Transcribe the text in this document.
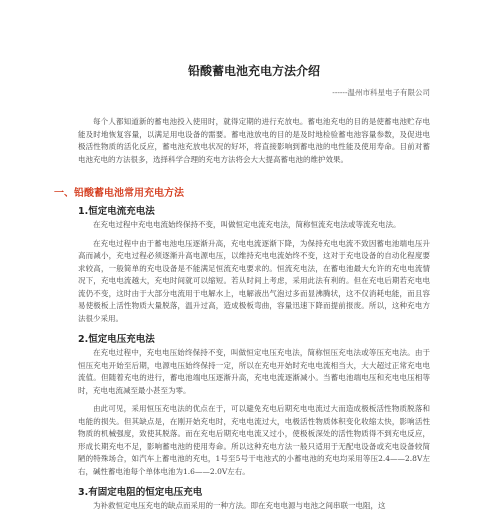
铅酸蓄电池充电方法介绍
------温州市科星电子有限公司

每个人都知道新的蓄电池投入使用时，就得定期的进行充放电。蓄电池充电的目的是使蓄电池贮存电能及时地恢复容量，以满足用电设备的需要。蓄电池放电的目的是及时地检验蓄电池容量参数，及促进电极活性物质的活化反应，蓄电池充放电状况的好坏，将直接影响到蓄电池的电性能及使用寿命。目前对蓄电池充电的方法很多，选择科学合理的充电方法将会大大提高蓄电池的维护效果。

一、铅酸蓄电池常用充电方法
1.恒定电流充电法

在充电过程中充电电流始终保持不变，叫做恒定电流充电法，简称恒流充电法或等流充电法。

在充电过程中由于蓄电池电压逐渐升高，充电电流逐渐下降，为保持充电电流不致因蓄电池端电压升高而减小，充电过程必须逐渐升高电源电压，以维持充电电流始终不变，这对于充电设备的自动化程度要求较高，一般简单的充电设备是不能满足恒流充电要求的。恒流充电法，在蓄电池最大允许的充电电流情况下，充电电流越大，充电时间就可以缩短。若从时间上考虑，采用此法有利的。但在充电后期若充电电流仍不变，这时由于大部分电流用于电解水上，电解液出气泡过多而显沸腾状，这不仅消耗电能，而且容易使极板上活性物质大量脱落，温升过高，造成极板弯曲，容量迅速下降而提前报废。所以，这种充电方法很少采用。

2.恒定电压充电法

在充电过程中，充电电压始终保持不变，叫做恒定电压充电法，简称恒压充电法或等压充电法。由于恒压充电开始至后期，电源电压始终保持一定，所以在充电开始时充电电流相当大，大大超过正常充电电流值。但随着充电的进行，蓄电池端电压逐渐升高，充电电流逐渐减小。当蓄电池端电压和充电电压相等时，充电电流减至最小甚至为零。

由此可见，采用恒压充电法的优点在于，可以避免充电后期充电电流过大而造成极板活性物质脱落和电能的损失。但其缺点是，在刚开始充电时，充电电流过大，电极活性物质体积变化收缩太快，影响活性物质的机械强度，致使其脱落。而在充电后期充电电流又过小，使极板深处的活性物质得不到充电反应，形成长期充电不足，影响蓄电池的使用寿命。所以这种充电方法一般只适用于无配电设备或充电设备较简陋的特殊场合，如汽车上蓄电池的充电，1号至5号干电池式的小蓄电池的充电均采用等压2.4——2.8V左右，碱性蓄电池每个单体电池为1.6——2.0V左右。

3.有固定电阻的恒定电压充电

为补救恒定电压充电的缺点而采用的一种方法。即在充电电源与电池之间串联一电阻，这
